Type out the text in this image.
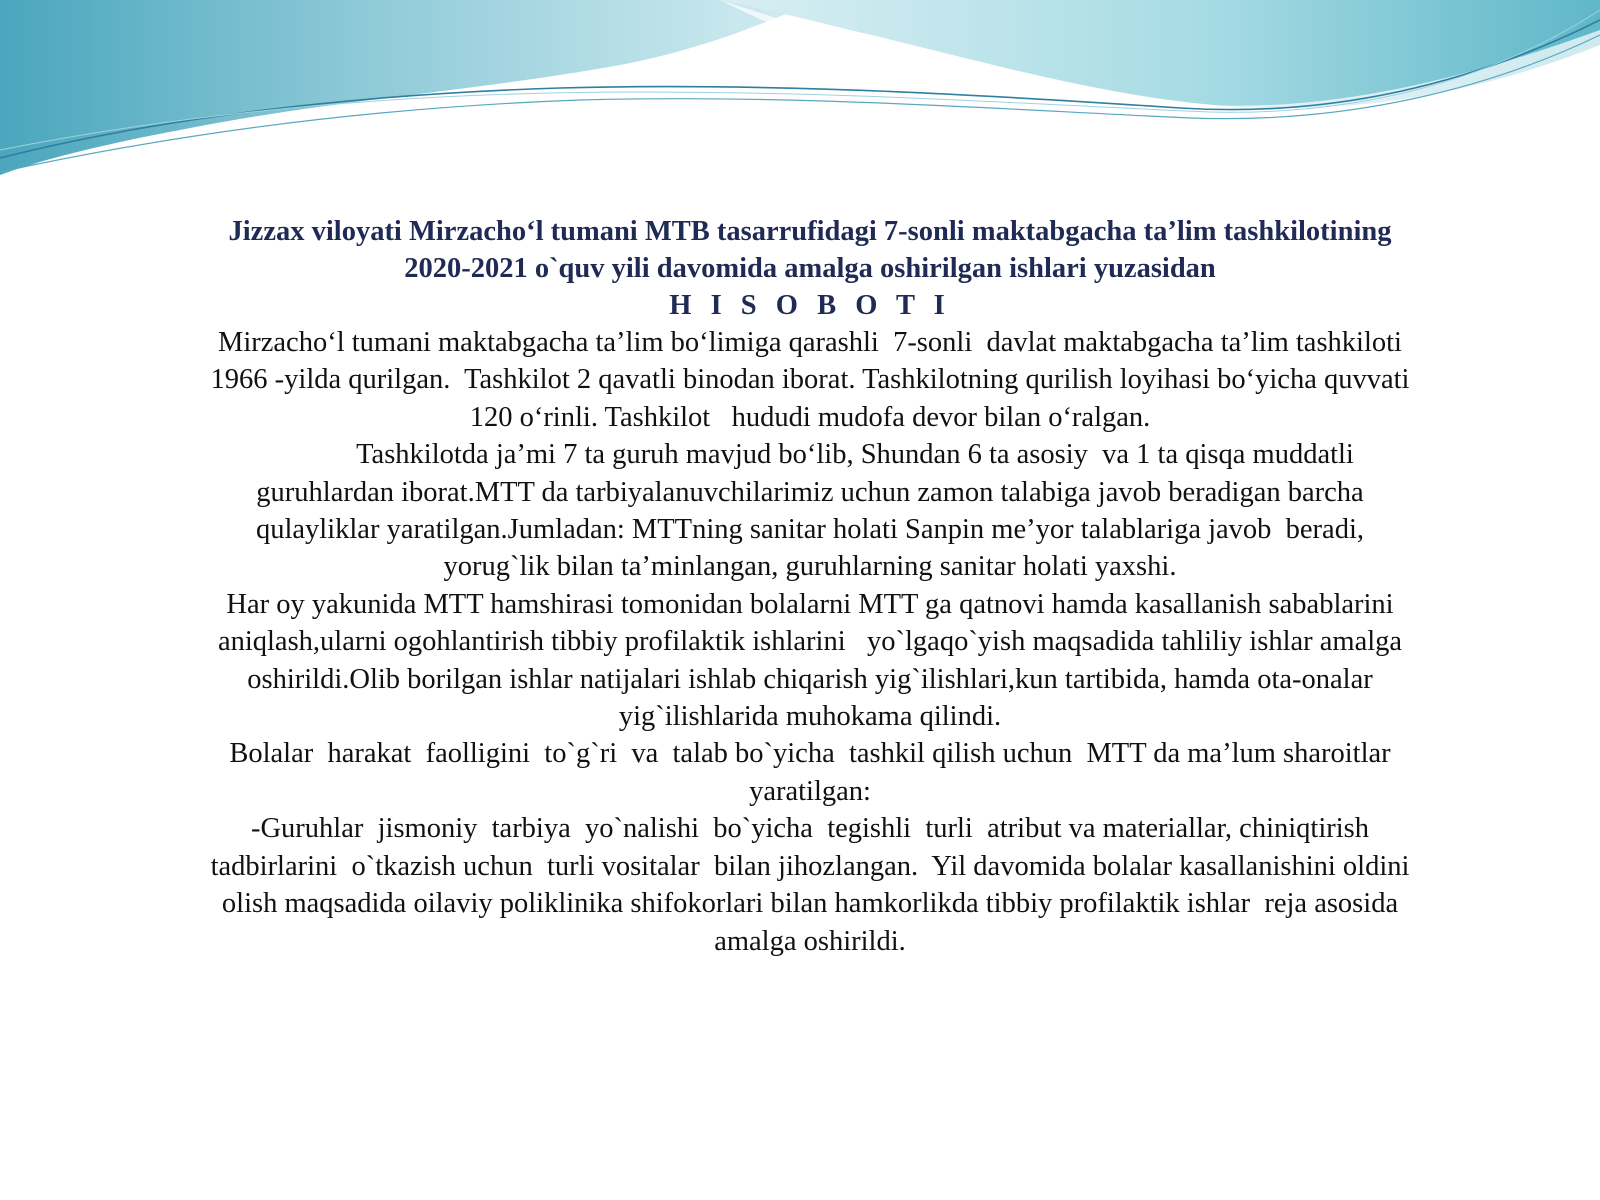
Jizzax viloyati Mirzacho‘l tumani MTB tasarrufidagi 7-sonli maktabgacha ta’lim tashkilotining
2020-2021 o`quv yili davomida amalga oshirilgan ishlari yuzasidan
H I S O B O T I
Mirzacho‘l tumani maktabgacha ta’lim bo‘limiga qarashli  7-sonli  davlat maktabgacha ta’lim tashkiloti
1966 -yilda qurilgan.  Tashkilot 2 qavatli binodan iborat. Tashkilotning qurilish loyihasi bo‘yicha quvvati
120 o‘rinli. Tashkilot   hududi mudofa devor bilan o‘ralgan.
Tashkilotda ja’mi 7 ta guruh mavjud bo‘lib, Shundan 6 ta asosiy  va 1 ta qisqa muddatli
guruhlardan iborat.MTT da tarbiyalanuvchilarimiz uchun zamon talabiga javob beradigan barcha
qulayliklar yaratilgan.Jumladan: MTTning sanitar holati Sanpin me’yor talablariga javob  beradi,
yorug`lik bilan ta’minlangan, guruhlarning sanitar holati yaxshi.
Har oy yakunida MTT hamshirasi tomonidan bolalarni MTT ga qatnovi hamda kasallanish sabablarini
aniqlash,ularni ogohlantirish tibbiy profilaktik ishlarini   yo`lgaqo`yish maqsadida tahliliy ishlar amalga
oshirildi.Olib borilgan ishlar natijalari ishlab chiqarish yig`ilishlari,kun tartibida, hamda ota-onalar
yig`ilishlarida muhokama qilindi.
Bolalar  harakat  faolligini  to`g`ri  va  talab bo`yicha  tashkil qilish uchun  MTT da ma’lum sharoitlar
yaratilgan:
-Guruhlar  jismoniy  tarbiya  yo`nalishi  bo`yicha  tegishli  turli  atribut va materiallar, chiniqtirish
tadbirlarini  o`tkazish uchun  turli vositalar  bilan jihozlangan.  Yil davomida bolalar kasallanishini oldini
olish maqsadida oilaviy poliklinika shifokorlari bilan hamkorlikda tibbiy profilaktik ishlar  reja asosida
amalga oshirildi.
